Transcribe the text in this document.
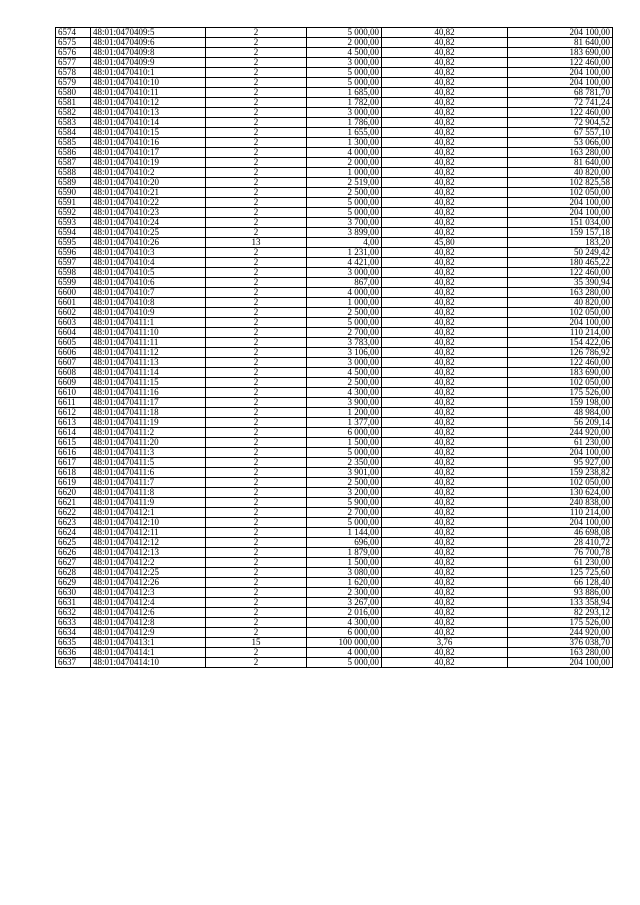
6574	48:01:0470409:5	2	5 000,00	40,82	204 100,00
6575	48:01:0470409:6	2	2 000,00	40,82	81 640,00
6576	48:01:0470409:8	2	4 500,00	40,82	183 690,00
6577	48:01:0470409:9	2	3 000,00	40,82	122 460,00
6578	48:01:0470410:1	2	5 000,00	40,82	204 100,00
6579	48:01:0470410:10	2	5 000,00	40,82	204 100,00
6580	48:01:0470410:11	2	1 685,00	40,82	68 781,70
6581	48:01:0470410:12	2	1 782,00	40,82	72 741,24
6582	48:01:0470410:13	2	3 000,00	40,82	122 460,00
6583	48:01:0470410:14	2	1 786,00	40,82	72 904,52
6584	48:01:0470410:15	2	1 655,00	40,82	67 557,10
6585	48:01:0470410:16	2	1 300,00	40,82	53 066,00
6586	48:01:0470410:17	2	4 000,00	40,82	163 280,00
6587	48:01:0470410:19	2	2 000,00	40,82	81 640,00
6588	48:01:0470410:2	2	1 000,00	40,82	40 820,00
6589	48:01:0470410:20	2	2 519,00	40,82	102 825,58
6590	48:01:0470410:21	2	2 500,00	40,82	102 050,00
6591	48:01:0470410:22	2	5 000,00	40,82	204 100,00
6592	48:01:0470410:23	2	5 000,00	40,82	204 100,00
6593	48:01:0470410:24	2	3 700,00	40,82	151 034,00
6594	48:01:0470410:25	2	3 899,00	40,82	159 157,18
6595	48:01:0470410:26	13	4,00	45,80	183,20
6596	48:01:0470410:3	2	1 231,00	40,82	50 249,42
6597	48:01:0470410:4	2	4 421,00	40,82	180 465,22
6598	48:01:0470410:5	2	3 000,00	40,82	122 460,00
6599	48:01:0470410:6	2	867,00	40,82	35 390,94
6600	48:01:0470410:7	2	4 000,00	40,82	163 280,00
6601	48:01:0470410:8	2	1 000,00	40,82	40 820,00
6602	48:01:0470410:9	2	2 500,00	40,82	102 050,00
6603	48:01:0470411:1	2	5 000,00	40,82	204 100,00
6604	48:01:0470411:10	2	2 700,00	40,82	110 214,00
6605	48:01:0470411:11	2	3 783,00	40,82	154 422,06
6606	48:01:0470411:12	2	3 106,00	40,82	126 786,92
6607	48:01:0470411:13	2	3 000,00	40,82	122 460,00
6608	48:01:0470411:14	2	4 500,00	40,82	183 690,00
6609	48:01:0470411:15	2	2 500,00	40,82	102 050,00
6610	48:01:0470411:16	2	4 300,00	40,82	175 526,00
6611	48:01:0470411:17	2	3 900,00	40,82	159 198,00
6612	48:01:0470411:18	2	1 200,00	40,82	48 984,00
6613	48:01:0470411:19	2	1 377,00	40,82	56 209,14
6614	48:01:0470411:2	2	6 000,00	40,82	244 920,00
6615	48:01:0470411:20	2	1 500,00	40,82	61 230,00
6616	48:01:0470411:3	2	5 000,00	40,82	204 100,00
6617	48:01:0470411:5	2	2 350,00	40,82	95 927,00
6618	48:01:0470411:6	2	3 901,00	40,82	159 238,82
6619	48:01:0470411:7	2	2 500,00	40,82	102 050,00
6620	48:01:0470411:8	2	3 200,00	40,82	130 624,00
6621	48:01:0470411:9	2	5 900,00	40,82	240 838,00
6622	48:01:0470412:1	2	2 700,00	40,82	110 214,00
6623	48:01:0470412:10	2	5 000,00	40,82	204 100,00
6624	48:01:0470412:11	2	1 144,00	40,82	46 698,08
6625	48:01:0470412:12	2	696,00	40,82	28 410,72
6626	48:01:0470412:13	2	1 879,00	40,82	76 700,78
6627	48:01:0470412:2	2	1 500,00	40,82	61 230,00
6628	48:01:0470412:25	2	3 080,00	40,82	125 725,60
6629	48:01:0470412:26	2	1 620,00	40,82	66 128,40
6630	48:01:0470412:3	2	2 300,00	40,82	93 886,00
6631	48:01:0470412:4	2	3 267,00	40,82	133 358,94
6632	48:01:0470412:6	2	2 016,00	40,82	82 293,12
6633	48:01:0470412:8	2	4 300,00	40,82	175 526,00
6634	48:01:0470412:9	2	6 000,00	40,82	244 920,00
6635	48:01:0470413:1	15	100 000,00	3,76	376 038,70
6636	48:01:0470414:1	2	4 000,00	40,82	163 280,00
6637	48:01:0470414:10	2	5 000,00	40,82	204 100,00
